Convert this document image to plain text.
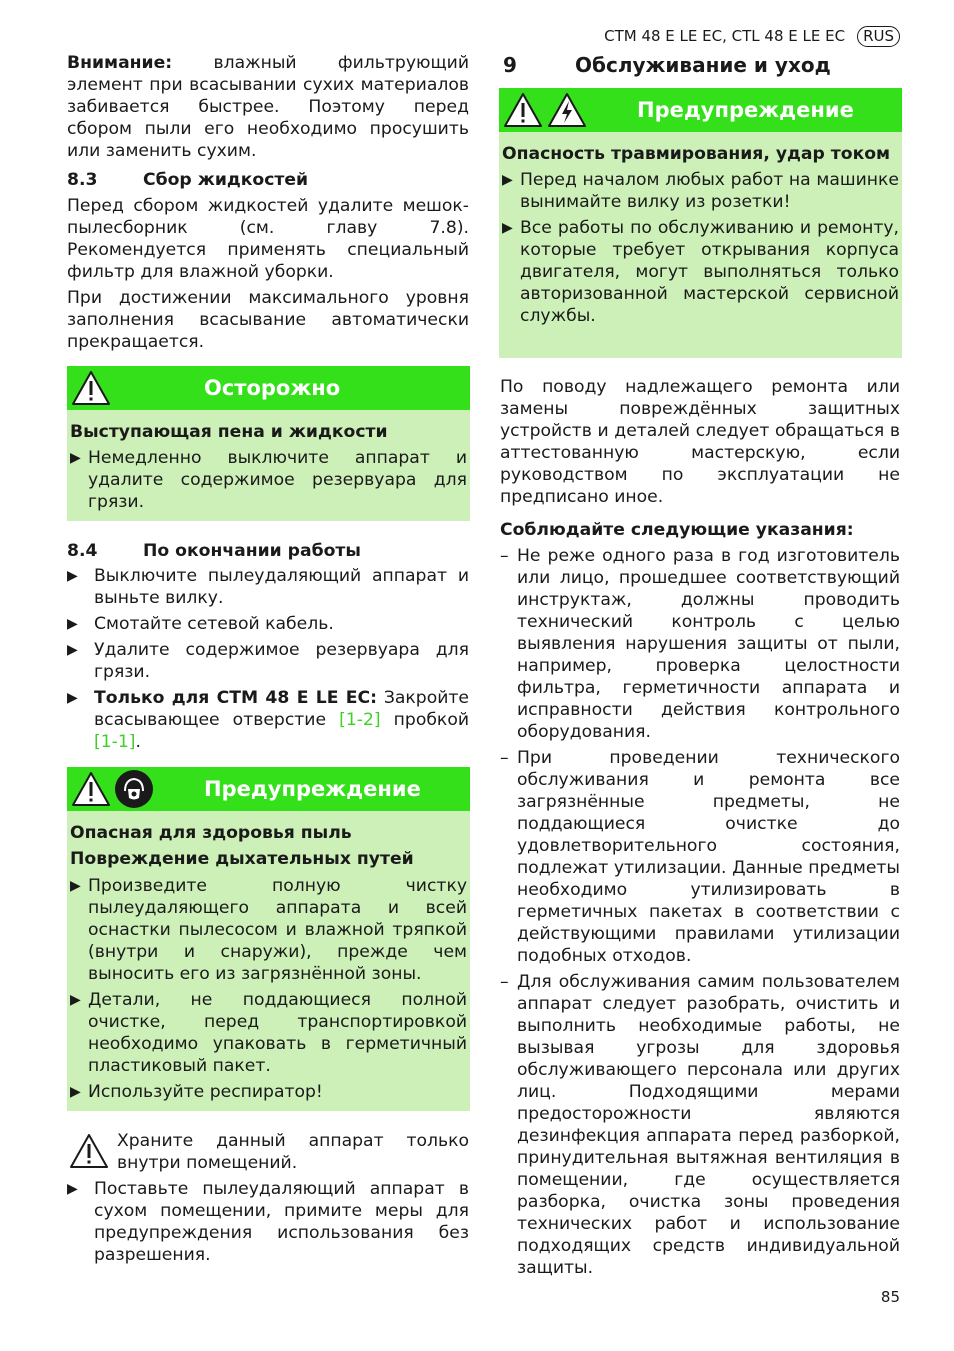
CTM 48 E LE EC, CTL 48 E LE EC	RUS

Внимание: влажный фильтрующий элемент при всасывании сухих материалов забивается быстрее. Поэтому перед сбором пыли его необходимо просушить или заменить сухим.

8.3	Сбор жидкостей

Перед сбором жидкостей удалите мешок-пылесборник (см. главу 7.8). Рекомендуется применять специальный фильтр для влажной уборки.

При достижении максимального уровня заполнения всасывание автоматически прекращается.

Осторожно

Выступающая пена и жидкости

▶ Немедленно выключите аппарат и удалите содержимое резервуара для грязи.

8.4	По окончании работы

▶ Выключите пылеудаляющий аппарат и выньте вилку.

▶ Смотайте сетевой кабель.

▶ Удалите содержимое резервуара для грязи.

▶ Только для CTM 48 E LE EC: Закройте всасывающее отверстие [1-2] пробкой [1-1].

Предупреждение

Опасная для здоровья пыль

Повреждение дыхательных путей

▶ Произведите полную чистку пылеудаляющего аппарата и всей оснастки пылесосом и влажной тряпкой (внутри и снаружи), прежде чем выносить его из загрязнённой зоны.

▶ Детали, не поддающиеся полной очистке, перед транспортировкой необходимо упаковать в герметичный пластиковый пакет.

▶ Используйте респиратор!

Храните данный аппарат только внутри помещений.

▶ Поставьте пылеудаляющий аппарат в сухом помещении, примите меры для предупреждения использования без разрешения.

9	Обслуживание и уход
Предупреждение

Опасность травмирования, удар током

▶ Перед началом любых работ на машинке вынимайте вилку из розетки!

▶ Все работы по обслуживанию и ремонту, которые требует открывания корпуса двигателя, могут выполняться только авторизованной мастерской сервисной службы.

По поводу надлежащего ремонта или замены повреждённых защитных устройств и деталей следует обращаться в аттестованную мастерскую, если руководством по эксплуатации не предписано иное.

Соблюдайте следующие указания:

– Не реже одного раза в год изготовитель или лицо, прошедшее соответствующий инструктаж, должны проводить технический контроль с целью выявления нарушения защиты от пыли, например, проверка целостности фильтра, герметичности аппарата и исправности действия контрольного оборудования.

– При проведении технического обслуживания и ремонта все загрязнённые предметы, не поддающиеся очистке до удовлетворительного состояния, подлежат утилизации. Данные предметы необходимо утилизировать в герметичных пакетах в соответствии с действующими правилами утилизации подобных отходов.

– Для обслуживания самим пользователем аппарат следует разобрать, очистить и выполнить необходимые работы, не вызывая угрозы для здоровья обслуживающего персонала или других лиц. Подходящими мерами предосторожности являются дезинфекция аппарата перед разборкой, принудительная вытяжная вентиляция в помещении, где осуществляется разборка, очистка зоны проведения технических работ и использование подходящих средств индивидуальной защиты.

85
